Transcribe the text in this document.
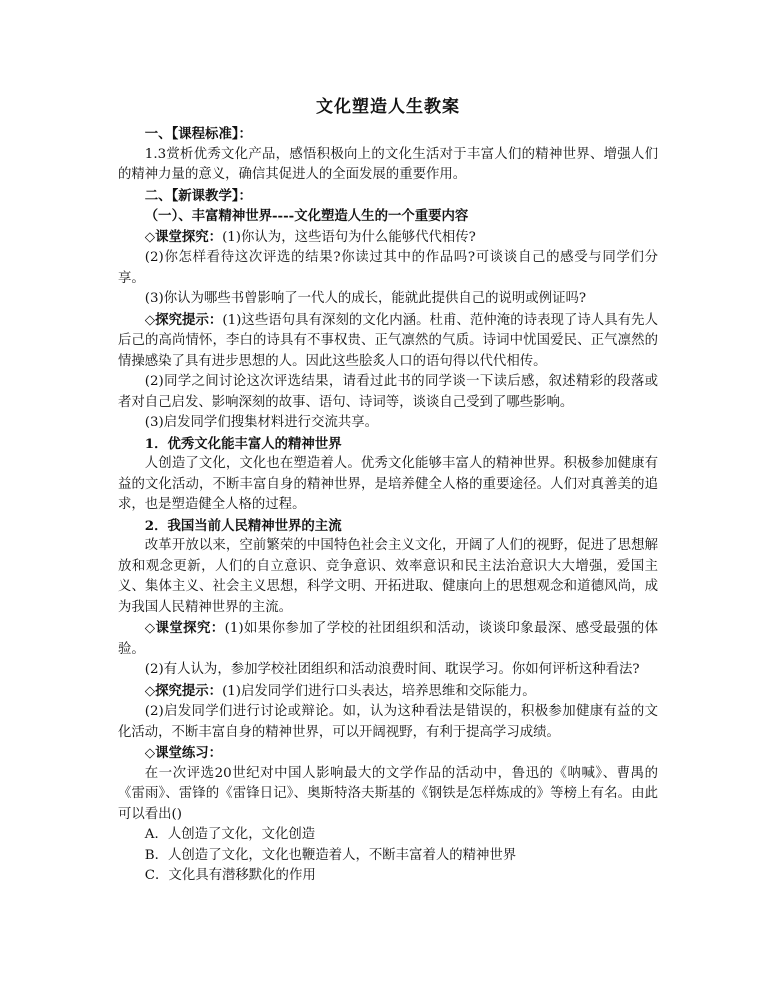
文化塑造人生教案

一、【课程标准】：

1.3赏析优秀文化产品，感悟积极向上的文化生活对于丰富人们的精神世界、增强人们的精神力量的意义，确信其促进人的全面发展的重要作用。

二、【新课教学】：

（一）、丰富精神世界----文化塑造人生的一个重要内容

◇课堂探究：(1)你认为，这些语句为什么能够代代相传?

(2)你怎样看待这次评选的结果?你读过其中的作品吗?可谈谈自己的感受与同学们分享。

(3)你认为哪些书曾影响了一代人的成长，能就此提供自己的说明或例证吗?

◇探究提示：(1)这些语句具有深刻的文化内涵。杜甫、范仲淹的诗表现了诗人具有先人后己的高尚情怀，李白的诗具有不事权贵、正气凛然的气质。诗词中忧国爱民、正气凛然的情操感染了具有进步思想的人。因此这些脍炙人口的语句得以代代相传。

(2)同学之间讨论这次评选结果，请看过此书的同学谈一下读后感，叙述精彩的段落或者对自己启发、影响深刻的故事、语句、诗词等，谈谈自己受到了哪些影响。

(3)启发同学们搜集材料进行交流共享。

1．优秀文化能丰富人的精神世界

人创造了文化，文化也在塑造着人。优秀文化能够丰富人的精神世界。积极参加健康有益的文化活动，不断丰富自身的精神世界，是培养健全人格的重要途径。人们对真善美的追求，也是塑造健全人格的过程。

2．我国当前人民精神世界的主流

改革开放以来，空前繁荣的中国特色社会主义文化，开阔了人们的视野，促进了思想解放和观念更新，人们的自立意识、竞争意识、效率意识和民主法治意识大大增强，爱国主义、集体主义、社会主义思想，科学文明、开拓进取、健康向上的思想观念和道德风尚，成为我国人民精神世界的主流。

◇课堂探究：(1)如果你参加了学校的社团组织和活动，谈谈印象最深、感受最强的体验。

(2)有人认为，参加学校社团组织和活动浪费时间、耽误学习。你如何评析这种看法?

◇探究提示：(1)启发同学们进行口头表达，培养思维和交际能力。

(2)启发同学们进行讨论或辩论。如，认为这种看法是错误的，积极参加健康有益的文化活动，不断丰富自身的精神世界，可以开阔视野，有利于提高学习成绩。

◇课堂练习：

在一次评选20世纪对中国人影响最大的文学作品的活动中，鲁迅的《呐喊》、曹禺的《雷雨》、雷锋的《雷锋日记》、奥斯特洛夫斯基的《钢铁是怎样炼成的》等榜上有名。由此可以看出()

A．人创造了文化，文化创造

B．人创造了文化，文化也鞭造着人，不断丰富着人的精神世界

C．文化具有潜移默化的作用
